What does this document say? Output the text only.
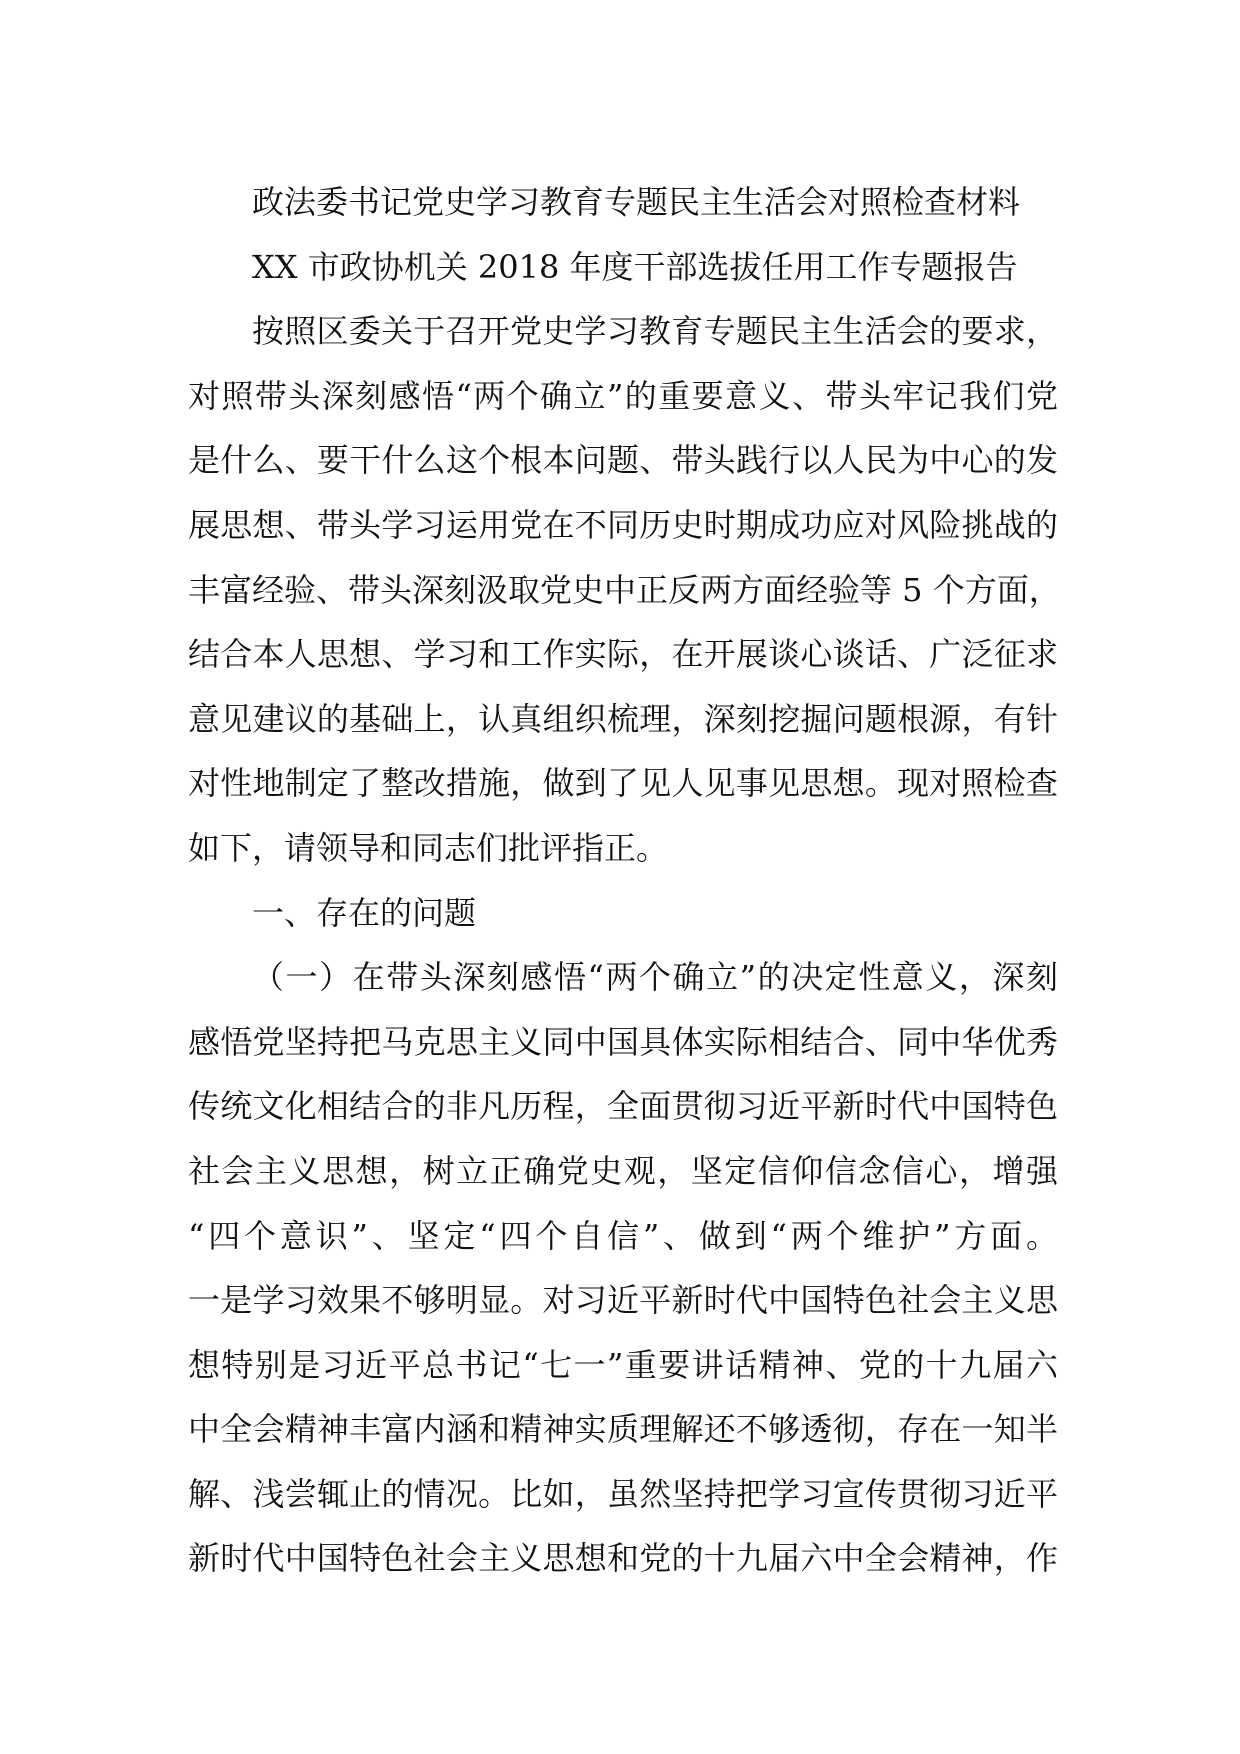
政法委书记党史学习教育专题民主生活会对照检查材料
XX 市政协机关 2018 年度干部选拔任用工作专题报告
按照区委关于召开党史学习教育专题民主生活会的要求，
对照带头深刻感悟“两个确立”的重要意义、带头牢记我们党
是什么、要干什么这个根本问题、带头践行以人民为中心的发
展思想、带头学习运用党在不同历史时期成功应对风险挑战的
丰富经验、带头深刻汲取党史中正反两方面经验等 5 个方面，
结合本人思想、学习和工作实际，在开展谈心谈话、广泛征求
意见建议的基础上，认真组织梳理，深刻挖掘问题根源，有针
对性地制定了整改措施，做到了见人见事见思想。现对照检查
如下，请领导和同志们批评指正。
一、存在的问题
（一）在带头深刻感悟“两个确立”的决定性意义，深刻
感悟党坚持把马克思主义同中国具体实际相结合、同中华优秀
传统文化相结合的非凡历程，全面贯彻习近平新时代中国特色
社会主义思想，树立正确党史观，坚定信仰信念信心，增强
“四个意识”、坚定“四个自信”、做到“两个维护”方面。
一是学习效果不够明显。对习近平新时代中国特色社会主义思
想特别是习近平总书记“七一”重要讲话精神、党的十九届六
中全会精神丰富内涵和精神实质理解还不够透彻，存在一知半
解、浅尝辄止的情况。比如，虽然坚持把学习宣传贯彻习近平
新时代中国特色社会主义思想和党的十九届六中全会精神，作
